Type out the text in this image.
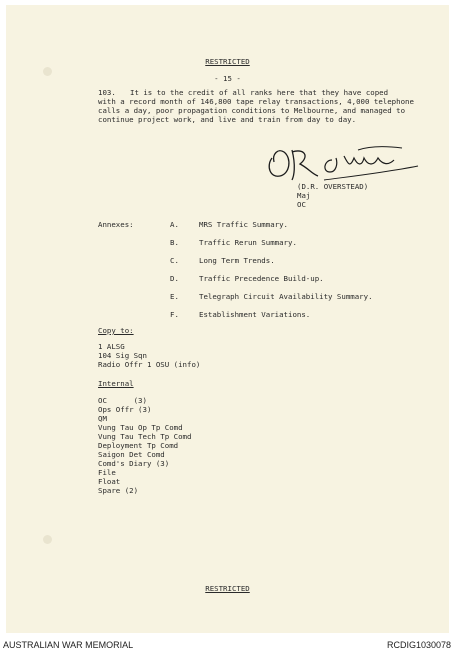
RESTRICTED
- 15 -
103. It is to the credit of all ranks here that they have coped
with a record month of 146,800 tape relay transactions, 4,000 telephone
calls a day, poor propagation conditions to Melbourne, and managed to
continue project work, and live and train from day to day.
(D.R. OVERSTEAD)
Maj
OC
Annexes:	A.	MRS Traffic Summary.
B.	Traffic Rerun Summary.
C.	Long Term Trends.
D.	Traffic Precedence Build-up.
E.	Telegraph Circuit Availability Summary.
F.	Establishment Variations.
Copy to:
1 ALSG
104 Sig Sqn
Radio Offr 1 OSU (info)
Internal
OC      (3)
Ops Offr (3)
QM
Vung Tau Op Tp Comd
Vung Tau Tech Tp Comd
Deployment Tp Comd
Saigon Det Comd
Comd's Diary (3)
File
Float
Spare (2)
RESTRICTED
AUSTRALIAN WAR MEMORIAL	RCDIG1030078
